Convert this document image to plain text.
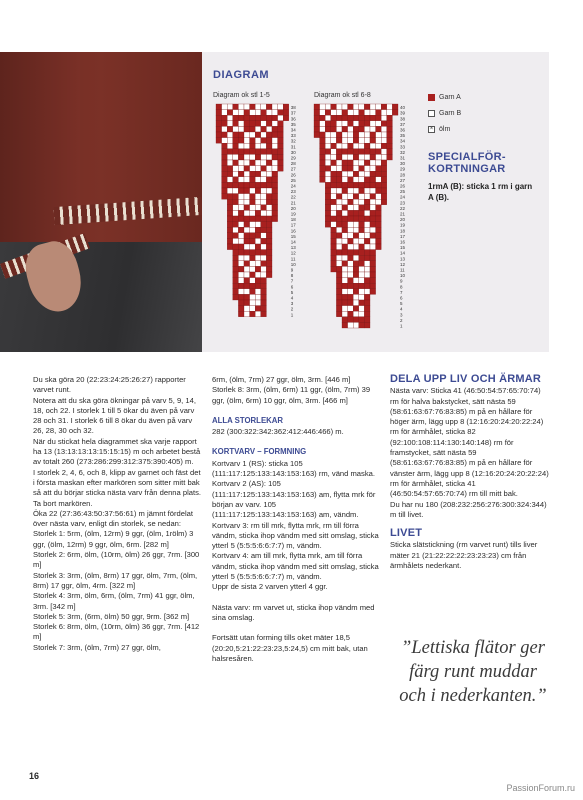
DIAGRAM
Diagram ok stl 1-5	Diagram ok stl 6-8
38
37
36
35
34
33
32
31
30
29
28
27
26
25
24
23
22
21
20
19
18
17
16
15
14
13
12
11
10
9
8
7
6
5
4
3
2
1
40
39
38
37
36
35
34
33
32
31
30
29
28
27
26
25
24
23
22
21
20
19
18
17
16
15
14
13
12
11
10
9
8
7
6
5
4
3
2
1
Garn A
Garn B
× ölm
SPECIALFÖR-KORTNINGAR
1rmA (B): sticka 1 rm i garn A (B).

Du ska göra 20 (22:23:24:25:26:27) rapporter varvet runt.

Notera att du ska göra ökningar på varv 5, 9, 14, 18, och 22. I storlek 1 till 5 ökar du även på varv 28 och 31. I storlek 6 till 8 ökar du även på varv 26, 28, 30 och 32.

När du stickat hela diagrammet ska varje rapport ha 13 (13:13:13:13:15:15:15) m och arbetet bestå av totalt 260 (273:286:299:312:375:390:405) m.

I storlek 2, 4, 6, och 8, klipp av garnet och fäst det i första maskan efter markören som sitter mitt bak så att du börjar sticka nästa varv från denna plats. Ta bort markören.

Öka 22 (27:36:43:50:37:56:61) m jämnt fördelat över nästa varv, enligt din storlek, se nedan:

Storlek 1: 5rm, (ölm, 12rm) 9 ggr, (ölm, 1rölm) 3 ggr, (ölm, 12rm) 9 ggr, ölm, 6rm. [282 m]

Storlek 2: 6rm, ölm, (10rm, ölm) 26 ggr, 7rm. [300 m]

Storlek 3: 3rm, (ölm, 8rm) 17 ggr, ölm, 7rm, (ölm, 8rm) 17 ggr, ölm, 4rm. [322 m]

Storlek 4: 3rm, ölm, 6rm, (ölm, 7rm) 41 ggr, ölm, 3rm. [342 m]

Storlek 5: 3rm, (6rm, ölm) 50 ggr, 9rm. [362 m]

Storlek 6: 8rm, ölm, (10rm, ölm) 36 ggr, 7rm. [412 m]

Storlek 7: 3rm, (ölm, 7rm) 27 ggr, ölm,

6rm, (ölm, 7rm) 27 ggr, ölm, 3rm. [446 m]

Storlek 8: 3rm, (ölm, 6rm) 11 ggr, (ölm, 7rm) 39 ggr, (ölm, 6rm) 10 ggr, ölm, 3rm. [466 m]

ALLA STORLEKAR

282 (300:322:342:362:412:446:466) m.

KORTVARV – FORMNING

Kortvarv 1 (RS): sticka 105 (111:117:125:133:143:153:163) rm, vänd maska.

Kortvarv 2 (AS): 105 (111:117:125:133:143:153:163) am, flytta mrk för början av varv. 105 (111:117:125:133:143:153:163) am, vändm.

Kortvarv 3: rm till mrk, flytta mrk, rm till förra vändm, sticka ihop vändm med sitt omslag, sticka ytterl 5 (5:5:5:6:6:7:7) m, vändm.

Kortvarv 4: am till mrk, flytta mrk, am till förra vändm, sticka ihop vändm med sitt omslag, sticka ytterl 5 (5:5:5:6:6:7:7) m, vändm.

Uppr de sista 2 varven ytterl 4 ggr.

Nästa varv: rm varvet ut, sticka ihop vändm med sina omslag.

Fortsätt utan forming tills oket mäter 18,5 (20:20,5:21:22:23:23,5:24,5) cm mitt bak, utan halsresåren.

DELA UPP LIV OCH ÄRMAR

Nästa varv: Sticka 41 (46:50:54:57:65:70:74) rm för halva bakstycket, sätt nästa 59 (58:61:63:67:76:83:85) m på en hållare för höger ärm, lägg upp 8 (12:16:20:24:20:22:24) rm för ärmhålet, sticka 82 (92:100:108:114:130:140:148) rm för framstycket, sätt nästa 59 (58:61:63:67:76:83:85) m på en hållare för vänster ärm, lägg upp 8 (12:16:20:24:20:22:24) rm för ärmhålet, sticka 41 (46:50:54:57:65:70:74) rm till mitt bak.

Du har nu 180 (208:232:256:276:300:324:344) m till livet.

LIVET

Sticka slätstickning (rm varvet runt) tills liver mäter 21 (21:22:22:22:23:23:23) cm från ärmhålets nederkant.

”Lettiska flätor ger färg runt muddar och i nederkanten.”
16
PassionForum.ru
